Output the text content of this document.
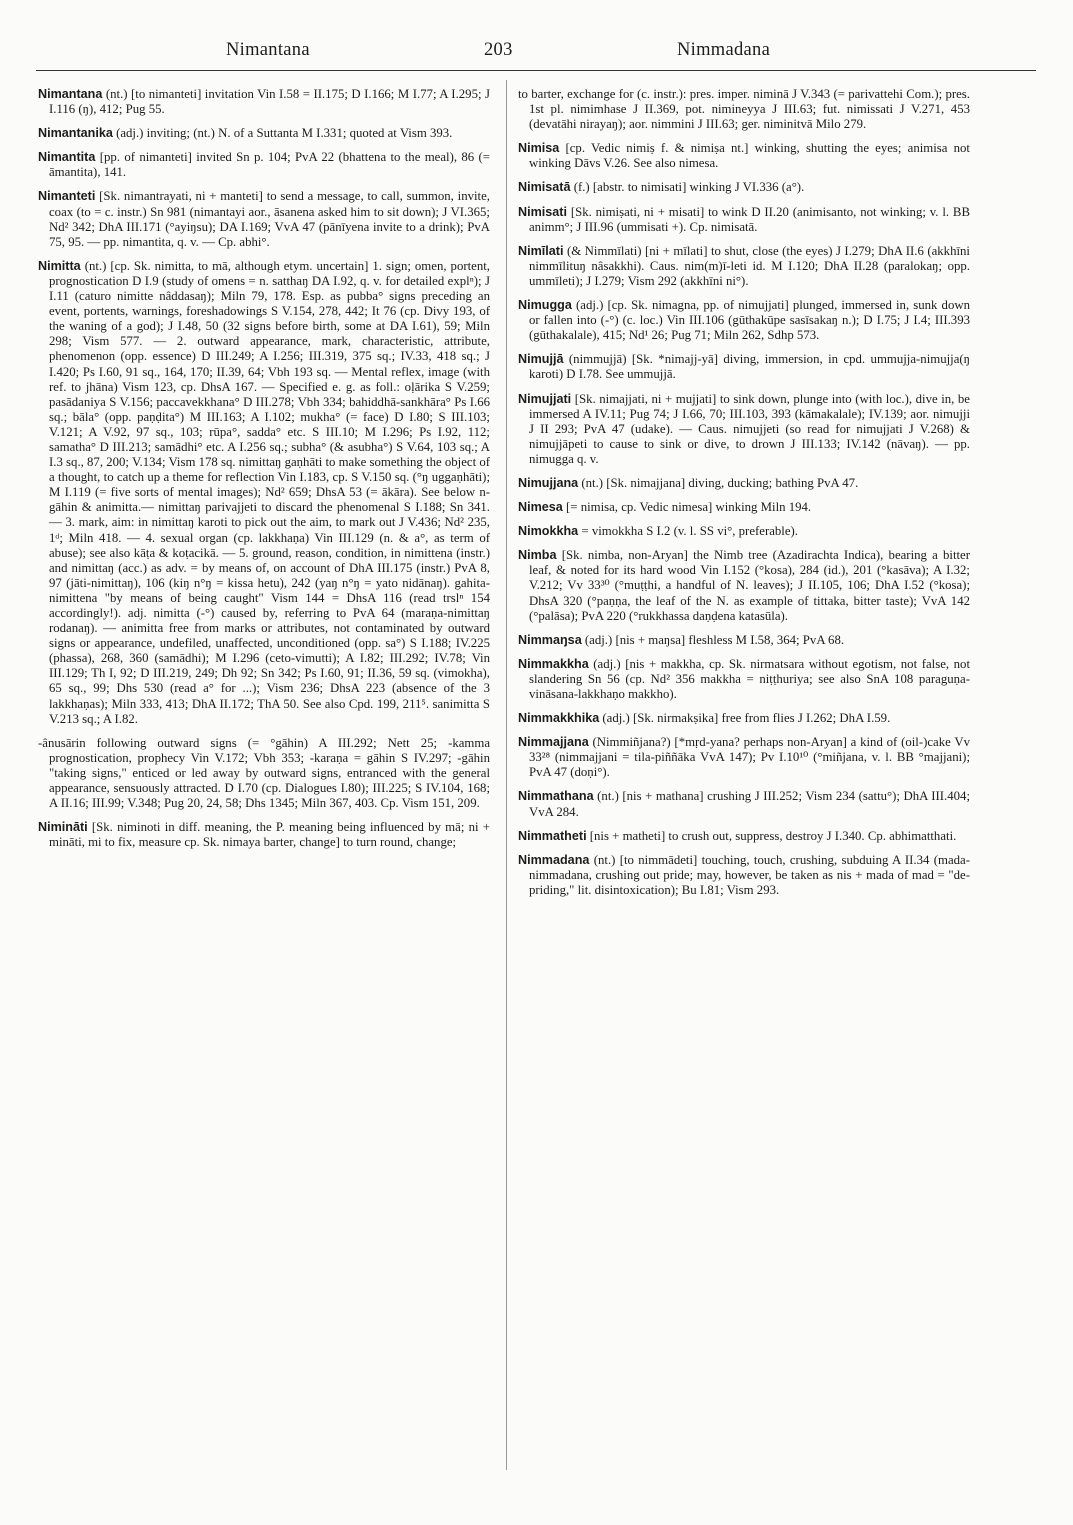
Nimantana	203	Nimmadana

Nimantana (nt.) [to nimanteti] invitation Vin I.58 = II.175; D I.166; M I.77; A I.295; J I.116 (ŋ), 412; Pug 55.

Nimantanika (adj.) inviting; (nt.) N. of a Suttanta M I.331; quoted at Vism 393.

Nimantita [pp. of nimanteti] invited Sn p. 104; PvA 22 (bhattena to the meal), 86 (= āmantita), 141.

Nimanteti [Sk. nimantrayati, ni + manteti] to send a message, to call, summon, invite, coax (to = c. instr.) Sn 981 (nimantayi aor., āsanena asked him to sit down); J VI.365; Nd² 342; DhA III.171 (°ayiŋsu); DA I.169; VvA 47 (pānīyena invite to a drink); PvA 75, 95. — pp. nimantita, q. v. — Cp. abhi°.

Nimitta (nt.) [cp. Sk. nimitta, to mā, although etym. uncertain] 1. sign; omen, portent, prognostication D I.9 (study of omens = n. satthaŋ DA I.92, q. v. for detailed explⁿ); J I.11 (caturo nimitte nâddasaŋ); Miln 79, 178. Esp. as pubba° signs preceding an event, portents, warnings, foreshadowings S V.154, 278, 442; It 76 (cp. Divy 193, of the waning of a god); J I.48, 50 (32 signs before birth, some at DA I.61), 59; Miln 298; Vism 577. — 2. outward appearance, mark, characteristic, attribute, phenomenon (opp. essence) D III.249; A I.256; III.319, 375 sq.; IV.33, 418 sq.; J I.420; Ps I.60, 91 sq., 164, 170; II.39, 64; Vbh 193 sq. — Mental reflex, image (with ref. to jhāna) Vism 123, cp. DhsA 167. — Specified e. g. as foll.: oḷārika S V.259; pasādaniya S V.156; paccavekkhana° D III.278; Vbh 334; bahiddhā-sankhāra° Ps I.66 sq.; bāla° (opp. paṇḍita°) M III.163; A I.102; mukha° (= face) D I.80; S III.103; V.121; A V.92, 97 sq., 103; rūpa°, sadda° etc. S III.10; M I.296; Ps I.92, 112; samatha° D III.213; samādhi° etc. A I.256 sq.; subha° (& asubha°) S V.64, 103 sq.; A I.3 sq., 87, 200; V.134; Vism 178 sq. nimittaŋ gaṇhāti to make something the object of a thought, to catch up a theme for reflection Vin I.183, cp. S V.150 sq. (°ŋ uggaṇhāti); M I.119 (= five sorts of mental images); Nd² 659; DhsA 53 (= ākāra). See below n-gāhin & animitta.— nimittaŋ parivajjeti to discard the phenomenal S I.188; Sn 341. — 3. mark, aim: in nimittaŋ karoti to pick out the aim, to mark out J V.436; Nd² 235, 1ᵈ; Miln 418. — 4. sexual organ (cp. lakkhaṇa) Vin III.129 (n. & a°, as term of abuse); see also kāṭa & koṭacikā. — 5. ground, reason, condition, in nimittena (instr.) and nimittaŋ (acc.) as adv. = by means of, on account of DhA III.175 (instr.) PvA 8, 97 (jāti-nimittaŋ), 106 (kiŋ n°ŋ = kissa hetu), 242 (yaŋ n°ŋ = yato nidānaŋ). gahita-nimittena "by means of being caught" Vism 144 = DhsA 116 (read trslⁿ 154 accordingly!). adj. nimitta (-°) caused by, referring to PvA 64 (maraṇa-nimittaŋ rodanaŋ). — animitta free from marks or attributes, not contaminated by outward signs or appearance, undefiled, unaffected, unconditioned (opp. sa°) S I.188; IV.225 (phassa), 268, 360 (samādhi); M I.296 (ceto-vimutti); A I.82; III.292; IV.78; Vin III.129; Th I, 92; D III.219, 249; Dh 92; Sn 342; Ps I.60, 91; II.36, 59 sq. (vimokha), 65 sq., 99; Dhs 530 (read a° for ...); Vism 236; DhsA 223 (absence of the 3 lakkhaṇas); Miln 333, 413; DhA II.172; ThA 50. See also Cpd. 199, 211⁵. sanimitta S V.213 sq.; A I.82.

-ânusārin following outward signs (= °gāhin) A III.292; Nett 25; -kamma prognostication, prophecy Vin V.172; Vbh 353; -karaṇa = gāhin S IV.297; -gāhin "taking signs," enticed or led away by outward signs, entranced with the general appearance, sensuously attracted. D I.70 (cp. Dialogues I.80); III.225; S IV.104, 168; A II.16; III.99; V.348; Pug 20, 24, 58; Dhs 1345; Miln 367, 403. Cp. Vism 151, 209.

Nimināti [Sk. niminoti in diff. meaning, the P. meaning being influenced by mā; ni + mināti, mi to fix, measure cp. Sk. nimaya barter, change] to turn round, change;

to barter, exchange for (c. instr.): pres. imper. niminā J V.343 (= parivattehi Com.); pres. 1st pl. nimimhase J II.369, pot. nimineyya J III.63; fut. nimissati J V.271, 453 (devatāhi nirayaŋ); aor. nimmini J III.63; ger. niminitvā Milo 279.

Nimisa [cp. Vedic nimiṣ f. & nimiṣa nt.] winking, shutting the eyes; animisa not winking Dāvs V.26. See also nimesa.

Nimisatā (f.) [abstr. to nimisati] winking J VI.336 (a°).

Nimisati [Sk. nimiṣati, ni + misati] to wink D II.20 (animisanto, not winking; v. l. BB animm°; J III.96 (ummisati +). Cp. nimisatā.

Nimīlati (& Nimmīlati) [ni + mīlati] to shut, close (the eyes) J I.279; DhA II.6 (akkhīni nimmīlituŋ nâsakkhi). Caus. nim(m)ī-leti id. M I.120; DhA II.28 (paralokaŋ; opp. ummīleti); J I.279; Vism 292 (akkhīni ni°).

Nimugga (adj.) [cp. Sk. nimagna, pp. of nimujjati] plunged, immersed in, sunk down or fallen into (-°) (c. loc.) Vin III.106 (gūthakūpe sasīsakaŋ n.); D I.75; J I.4; III.393 (gūthakalale), 415; Nd¹ 26; Pug 71; Miln 262, Sdhp 573.

Nimujjā (nimmujjā) [Sk. *nimajj-yā] diving, immersion, in cpd. ummujja-nimujja(ŋ karoti) D I.78. See ummujjā.

Nimujjati [Sk. nimajjati, ni + mujjati] to sink down, plunge into (with loc.), dive in, be immersed A IV.11; Pug 74; J I.66, 70; III.103, 393 (kāmakalale); IV.139; aor. nimujji J II 293; PvA 47 (udake). — Caus. nimujjeti (so read for nimujjati J V.268) & nimujjāpeti to cause to sink or dive, to drown J III.133; IV.142 (nāvaŋ). — pp. nimugga q. v.

Nimujjana (nt.) [Sk. nimajjana] diving, ducking; bathing PvA 47.

Nimesa [= nimisa, cp. Vedic nimesa] winking Miln 194.

Nimokkha = vimokkha S I.2 (v. l. SS vi°, preferable).

Nimba [Sk. nimba, non-Aryan] the Nimb tree (Azadirachta Indica), bearing a bitter leaf, & noted for its hard wood Vin I.152 (°kosa), 284 (id.), 201 (°kasāva); A I.32; V.212; Vv 33³⁰ (°muṭṭhi, a handful of N. leaves); J II.105, 106; DhA I.52 (°kosa); DhsA 320 (°paṇṇa, the leaf of the N. as example of tittaka, bitter taste); VvA 142 (°palāsa); PvA 220 (°rukkhassa daṇḍena katasūla).

Nimmaŋsa (adj.) [nis + maŋsa] fleshless M I.58, 364; PvA 68.

Nimmakkha (adj.) [nis + makkha, cp. Sk. nirmatsara without egotism, not false, not slandering Sn 56 (cp. Nd² 356 makkha = niṭṭhuriya; see also SnA 108 paraguṇa-vināsana-lakkhaṇo makkho).

Nimmakkhika (adj.) [Sk. nirmakṣika] free from flies J I.262; DhA I.59.

Nimmajjana (Nimmiñjana?) [*mṛd-yana? perhaps non-Aryan] a kind of (oil-)cake Vv 33²⁸ (nimmajjani = tila-piññāka VvA 147); Pv I.10¹⁰ (°miñjana, v. l. BB °majjani); PvA 47 (doṇi°).

Nimmathana (nt.) [nis + mathana] crushing J III.252; Vism 234 (sattu°); DhA III.404; VvA 284.

Nimmatheti [nis + matheti] to crush out, suppress, destroy J I.340. Cp. abhimatthati.

Nimmadana (nt.) [to nimmādeti] touching, touch, crushing, subduing A II.34 (mada-nimmadana, crushing out pride; may, however, be taken as nis + mada of mad = "de-priding," lit. disintoxication); Bu I.81; Vism 293.
